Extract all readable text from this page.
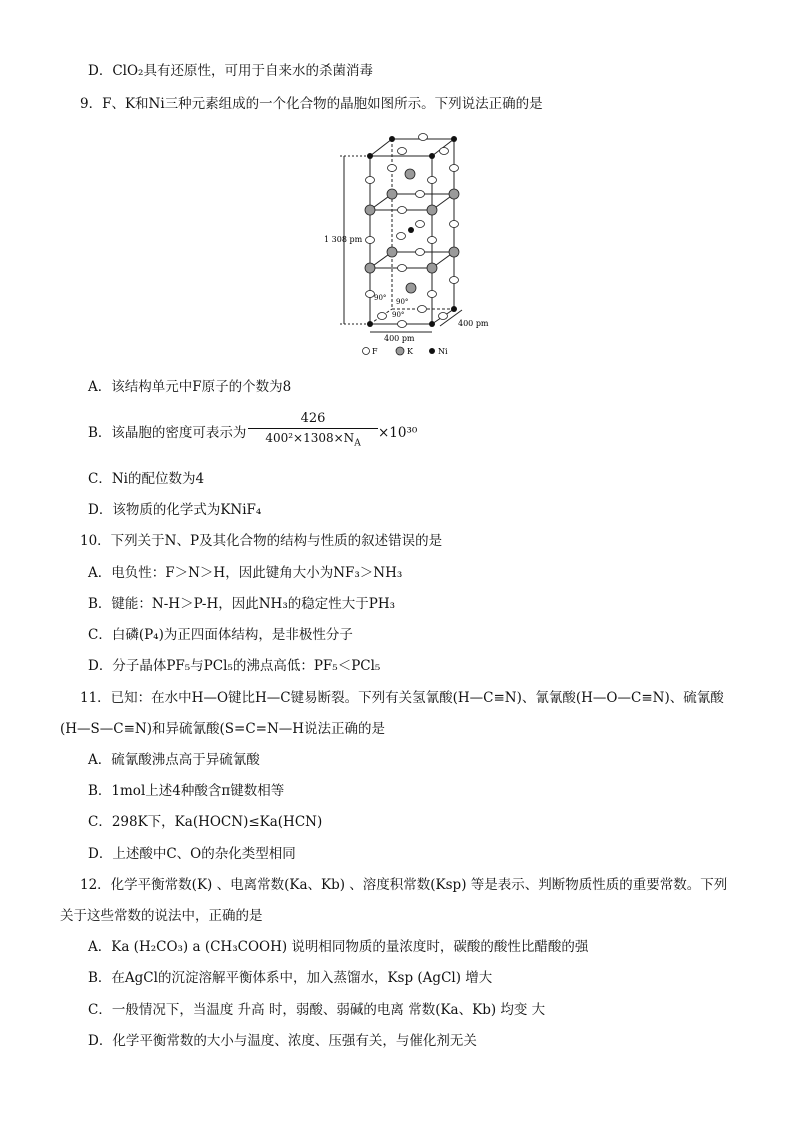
D．ClO₂具有还原性，可用于自来水的杀菌消毒
9．F、K和Ni三种元素组成的一个化合物的晶胞如图所示。下列说法正确的是
1 308 pm
400 pm
400 pm
90° 90°
90°
F	K	Ni
A．该结构单元中F原子的个数为8
B．该晶胞的密度可表示为
426
$400^2\times 1308\times N_A$
×10³⁰
C．Ni的配位数为4
D．该物质的化学式为KNiF₄
10．下列关于N、P及其化合物的结构与性质的叙述错误的是
A．电负性：F＞N＞H，因此键角大小为NF₃＞NH₃
B．键能：N-H＞P-H，因此NH₃的稳定性大于PH₃
C．白磷(P₄)为正四面体结构，是非极性分子
D．分子晶体PF₅与PCl₅的沸点高低：PF₅＜PCl₅
11．已知：在水中H—O键比H—C键易断裂。下列有关氢氰酸(H—C≡N)、氰氰酸(H—O—C≡N)、硫氰酸
(H—S—C≡N)和异硫氰酸(S=C=N—H说法正确的是
A．硫氰酸沸点高于异硫氰酸
B．1mol上述4种酸含π键数相等
C．298K下，Ka(HOCN)≤Ka(HCN)
D．上述酸中C、O的杂化类型相同
12．化学平衡常数(K) 、电离常数(Ka、Kb) 、溶度积常数(Ksp) 等是表示、判断物质性质的重要常数。下列
关于这些常数的说法中，正确的是
A．Ka (H₂CO₃) a (CH₃COOH) 说明相同物质的量浓度时，碳酸的酸性比醋酸的强
B．在AgCl的沉淀溶解平衡体系中，加入蒸馏水，Ksp (AgCl) 增大
C．一般情况下，当温度 升高 时，弱酸、弱碱的电离 常数(Ka、Kb) 均变 大
D．化学平衡常数的大小与温度、浓度、压强有关，与催化剂无关
